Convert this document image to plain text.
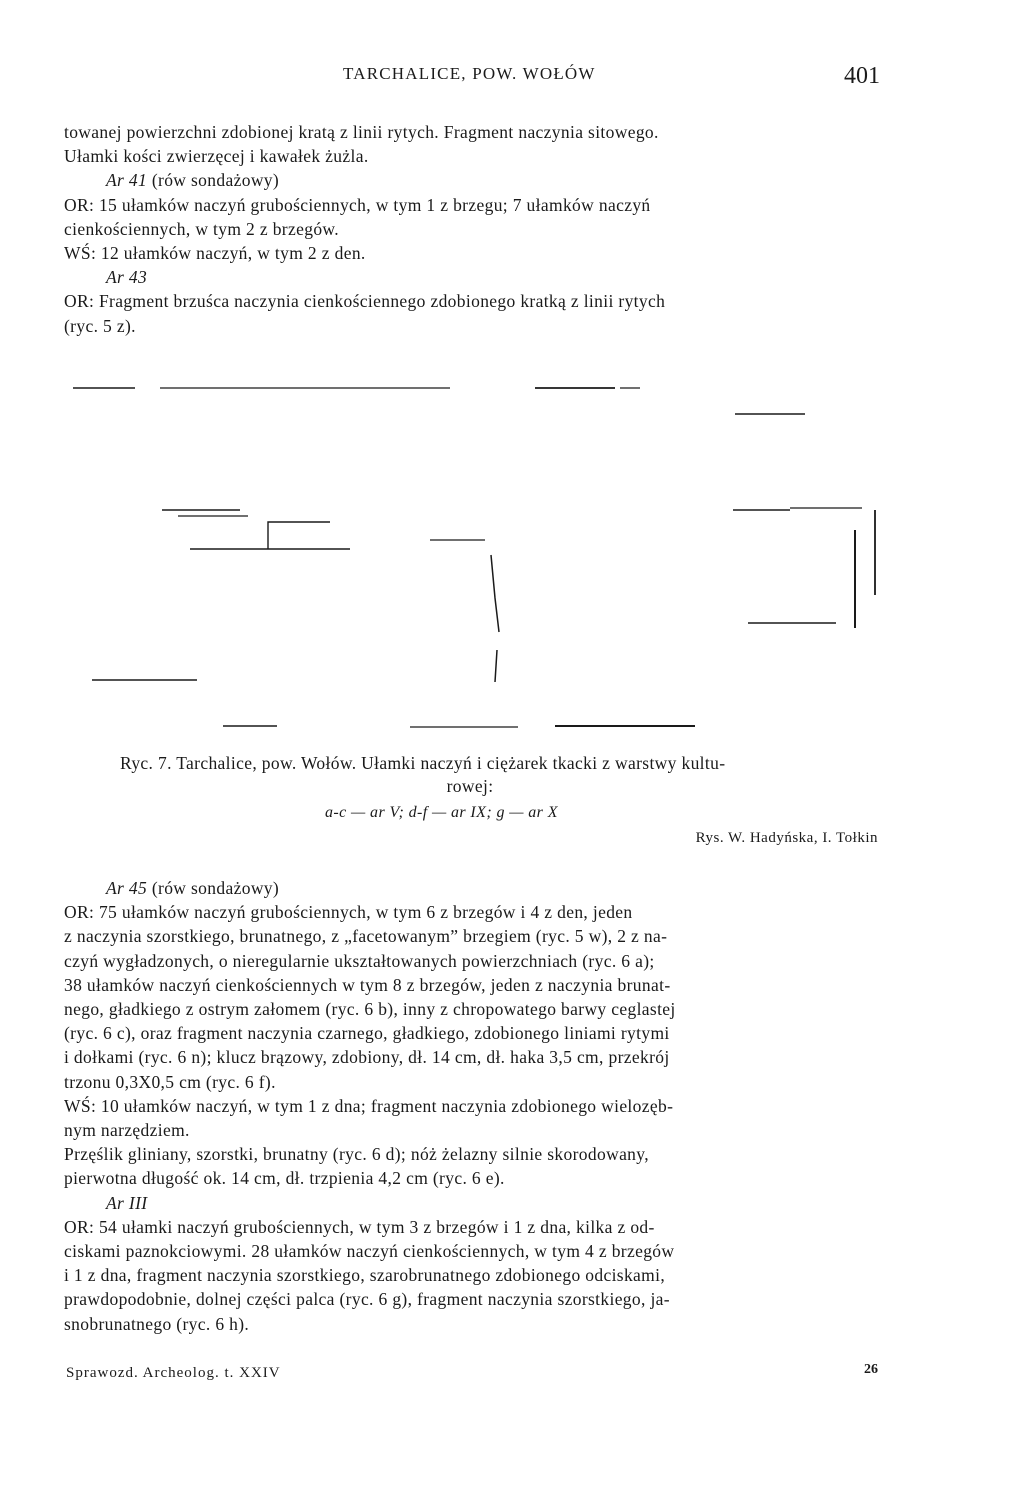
TARCHALICE, POW. WOŁÓW	401

towanej powierzchni zdobionej kratą z linii rytych. Fragment naczynia sitowego.

Ułamki kości zwierzęcej i kawałek żużla.

Ar 41 (rów sondażowy)

OR: 15 ułamków naczyń grubościennych, w tym 1 z brzegu; 7 ułamków naczyń

cienkościennych, w tym 2 z brzegów.

WŚ: 12 ułamków naczyń, w tym 2 z den.

Ar 43

OR: Fragment brzuśca naczynia cienkościennego zdobionego kratką z linii rytych

(ryc. 5 z).

Ryc. 7. Tarchalice, pow. Wołów. Ułamki naczyń i ciężarek tkacki z warstwy kultu-

rowej:

a-c — ar V; d-f — ar IX; g — ar X
Rys. W. Hadyńska, I. Tołkin

Ar 45 (rów sondażowy)

OR: 75 ułamków naczyń grubościennych, w tym 6 z brzegów i 4 z den, jeden

z naczynia szorstkiego, brunatnego, z „facetowanym” brzegiem (ryc. 5 w), 2 z na-

czyń wygładzonych, o nieregularnie ukształtowanych powierzchniach (ryc. 6 a);

38 ułamków naczyń cienkościennych w tym 8 z brzegów, jeden z naczynia brunat-

nego, gładkiego z ostrym załomem (ryc. 6 b), inny z chropowatego barwy ceglastej

(ryc. 6 c), oraz fragment naczynia czarnego, gładkiego, zdobionego liniami rytymi

i dołkami (ryc. 6 n); klucz brązowy, zdobiony, dł. 14 cm, dł. haka 3,5 cm, przekrój

trzonu 0,3X0,5 cm (ryc. 6 f).

WŚ: 10 ułamków naczyń, w tym 1 z dna; fragment naczynia zdobionego wielozęb-

nym narzędziem.

Przęślik gliniany, szorstki, brunatny (ryc. 6 d); nóż żelazny silnie skorodowany,

pierwotna długość ok. 14 cm, dł. trzpienia 4,2 cm (ryc. 6 e).

Ar III

OR: 54 ułamki naczyń grubościennych, w tym 3 z brzegów i 1 z dna, kilka z od-

ciskami paznokciowymi. 28 ułamków naczyń cienkościennych, w tym 4 z brzegów

i 1 z dna, fragment naczynia szorstkiego, szarobrunatnego zdobionego odciskami,

prawdopodobnie, dolnej części palca (ryc. 6 g), fragment naczynia szorstkiego, ja-

snobrunatnego (ryc. 6 h).

Sprawozd. Archeolog. t. XXIV	26
